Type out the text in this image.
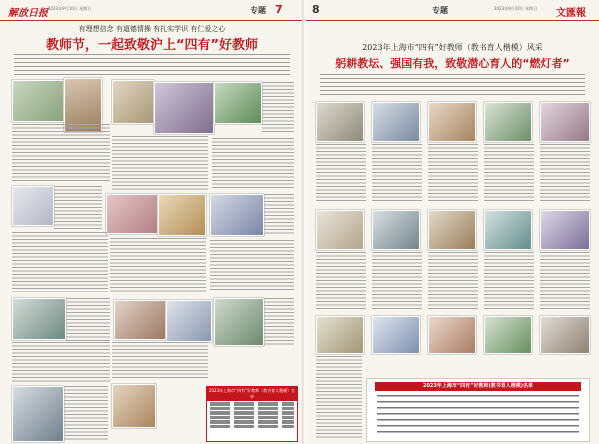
解放日报 2023年9月10日 星期日	专题 7
有理想信念 有道德情操 有扎实学识 有仁爱之心
教师节，一起致敬沪上“四有”好教师
2023年上海市“四有”好教师（教书育人楷模）名单
8	专题	2023年9月10日 星期日 文匯報
2023年上海市“四有”好教师（教书育人楷模）风采
躬耕教坛、强国有我，致敬潜心育人的“燃灯者”
2023年上海市“四有”好教师(教书育人楷模)名单
